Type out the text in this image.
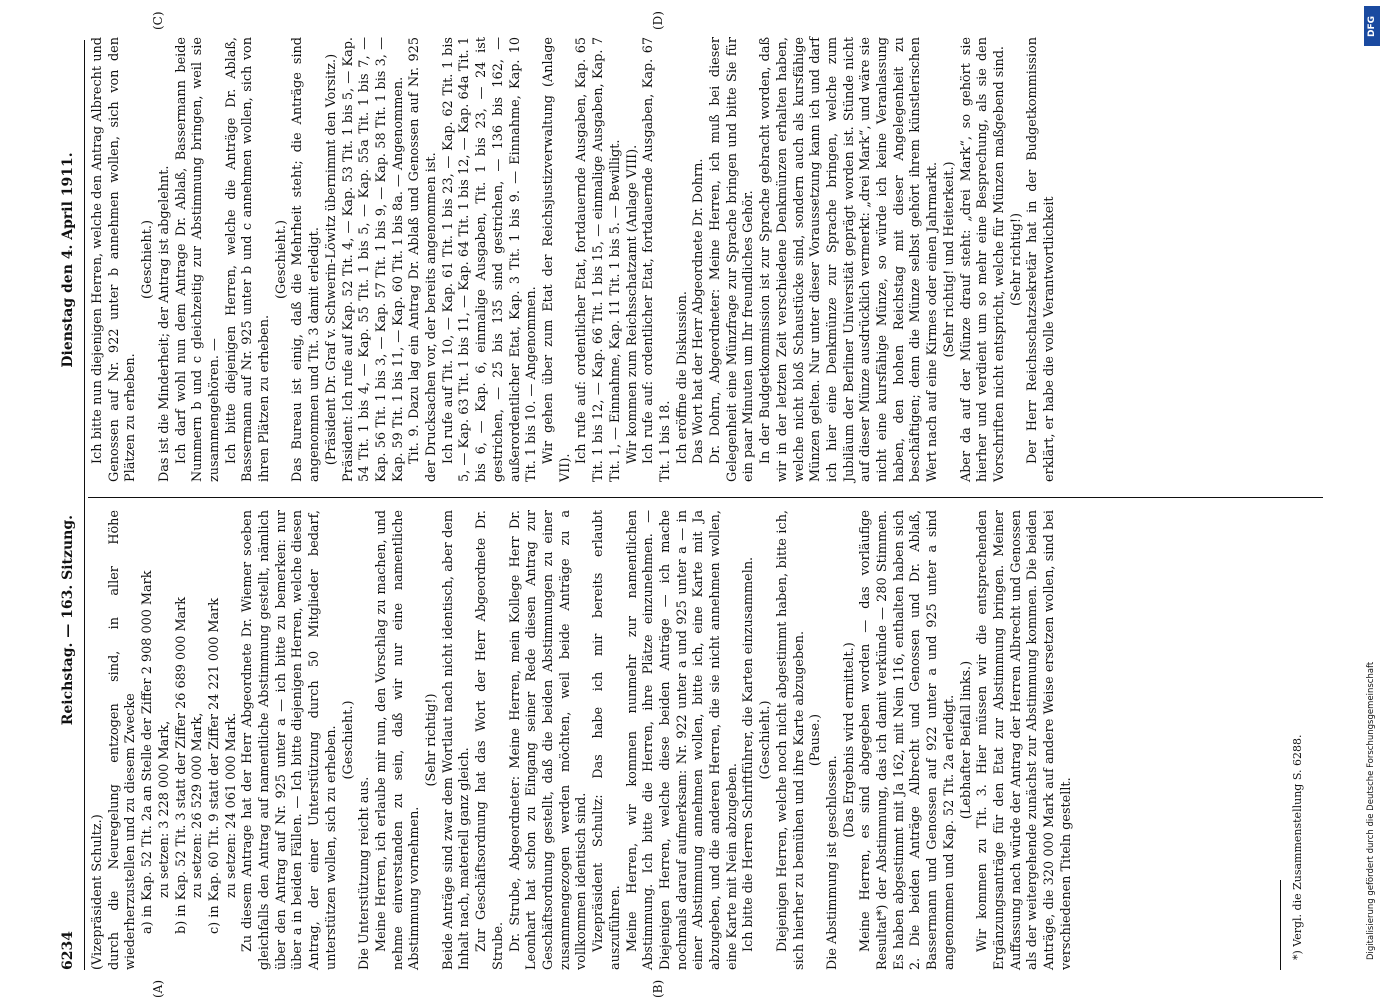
6234
Reichstag. — 163. Sitzung.
Dienstag den 4. April 1911.
(A)	(B)
(C)	(D)

(Vizepräsident Schultz.) durch die Neuregelung entzogen sind, in aller Höhe wiederherzustellen und zu diesem Zwecke a) in Kap. 52 Tit. 2a an Stelle der Ziffer 2 908 000 Mark zu setzen: 3 228 000 Mark, b) in Kap. 52 Tit. 3 statt der Ziffer 26 689 000 Mark zu setzen: 26 529 000 Mark, c) in Kap. 60 Tit. 9 statt der Ziffer 24 221 000 Mark zu setzen: 24 061 000 Mark. Zu diesem Antrage hat der Herr Abgeordnete Dr. Wiemer soeben gleichfalls den Antrag auf namentliche Abstimmung gestellt, nämlich über den Antrag auf Nr. 925 unter a — ich bitte zu bemerken: nur über a in beiden Fällen. — Ich bitte diejenigen Herren, welche diesen Antrag, der einer Unterstützung durch 50 Mitglieder bedarf, unterstützen wollen, sich zu erheben. (Geschieht.)

Die Unterstützung reicht aus. Meine Herren, ich erlaube mir nun, den Vorschlag zu machen, und nehme einverstanden zu sein, daß wir nur eine namentliche Abstimmung vornehmen.

(Sehr richtig!) Beide Anträge sind zwar dem Wortlaut nach nicht identisch, aber dem Inhalt nach, materiell ganz gleich. Zur Geschäftsordnung hat das Wort der Herr Abgeordnete Dr. Strube. Dr. Strube, Abgeordneter: Meine Herren, mein Kollege Herr Dr. Leonhart hat schon zu Eingang seiner Rede diesen Antrag zur Geschäftsordnung gestellt, daß die beiden Abstimmungen zu einer zusammengezogen werden möchten, weil beide Anträge zu a vollkommen identisch sind. Vizepräsident Schultz: Das habe ich mir bereits erlaubt auszuführen. Meine Herren, wir kommen nunmehr zur namentlichen Abstimmung. Ich bitte die Herren, ihre Plätze einzunehmen. — Diejenigen Herren, welche diese beiden Anträge — ich mache nochmals darauf aufmerksam: Nr. 922 unter a und 925 unter a — in einer Abstimmung annehmen wollen, bitte ich, eine Karte mit Ja abzugeben, und die anderen Herren, die sie nicht annehmen wollen, eine Karte mit Nein abzugeben. Ich bitte die Herren Schriftführer, die Karten einzusammeln. (Geschieht.) Diejenigen Herren, welche noch nicht abgestimmt haben, bitte ich, sich hierher zu bemühen und ihre Karte abzugeben. (Pause.)

Die Abstimmung ist geschlossen.

(Das Ergebnis wird ermittelt.) Meine Herren, es sind abgegeben worden — das vorläufige Resultat*) der Abstimmung, das ich damit verkünde — 280 Stimmen. Es haben abgestimmt mit Ja 162, mit Nein 116, enthalten haben sich 2. Die beiden Anträge Albrecht und Genossen und Dr. Ablaß, Bassermann und Genossen auf 922 unter a und 925 unter a sind angenommen und Kap. 52 Tit. 2a erledigt. (Lebhafter Beifall links.) Wir kommen zu Tit. 3. Hier müssen wir die entsprechenden Ergänzungsanträge für den Etat zur Abstimmung bringen. Meiner Auffassung nach würde der Antrag der Herren Albrecht und Genossen als der weitergehende zunächst zur Abstimmung kommen. Die beiden Anträge, die 320 000 Mark auf andere Weise ersetzen wollen, sind bei verschiedenen Titeln gestellt.	*) Vergl. die Zusammenstellung S. 6288.

Ich bitte nun diejenigen Herren, welche den Antrag Albrecht und Genossen auf Nr. 922 unter b annehmen wollen, sich von den Plätzen zu erheben.

(Geschieht.) Das ist die Minderheit; der Antrag ist abgelehnt. Ich darf wohl nun dem Antrage Dr. Ablaß, Bassermann beide Nummern b und c gleichzeitig zur Abstimmung bringen, weil sie zusammengehören. — Ich bitte diejenigen Herren, welche die Anträge Dr. Ablaß, Bassermann auf Nr. 925 unter b und c annehmen wollen, sich von ihren Plätzen zu erheben.

(Geschieht.) Das Bureau ist einig, daß die Mehrheit steht; die Anträge sind angenommen und Tit. 3 damit erledigt. (Präsident Dr. Graf v. Schwerin-Löwitz übernimmt den Vorsitz.) Präsident: Ich rufe auf Kap. 52 Tit. 4, — Kap. 53 Tit. 1 bis 5, — Kap. 54 Tit. 1 bis 4, — Kap. 55 Tit. 1 bis 5, — Kap. 55a Tit. 1 bis 7, — Kap. 56 Tit. 1 bis 3, — Kap. 57 Tit. 1 bis 9, — Kap. 58 Tit. 1 bis 3, — Kap. 59 Tit. 1 bis 11, — Kap. 60 Tit. 1 bis 8a. — Angenommen. Tit. 9. Dazu lag ein Antrag Dr. Ablaß und Genossen auf Nr. 925 der Drucksachen vor, der bereits angenommen ist. Ich rufe auf Tit. 10, — Kap. 61 Tit. 1 bis 23, — Kap. 62 Tit. 1 bis 5, — Kap. 63 Tit. 1 bis 11, — Kap. 64 Tit. 1 bis 12, — Kap. 64a Tit. 1 bis 6, — Kap. 6, einmalige Ausgaben, Tit. 1 bis 23, — 24 ist gestrichen, — 25 bis 135 sind gestrichen, — 136 bis 162, — außerordentlicher Etat, Kap. 3 Tit. 1 bis 9. — Einnahme, Kap. 10 Tit. 1 bis 10. — Angenommen. Wir gehen über zum Etat der Reichsjustizverwaltung (Anlage VII).

Ich rufe auf: ordentlicher Etat, fortdauernde Ausgaben, Kap. 65 Tit. 1 bis 12, — Kap. 66 Tit. 1 bis 15, — einmalige Ausgaben, Kap. 7 Tit. 1, — Einnahme, Kap. 11 Tit. 1 bis 5. — Bewilligt. Wir kommen zum Reichsschatzamt (Anlage VIII). Ich rufe auf: ordentlicher Etat, fortdauernde Ausgaben, Kap. 67 Tit. 1 bis 18. Ich eröffne die Diskussion. Das Wort hat der Herr Abgeordnete Dr. Dohrn. Dr. Dohrn, Abgeordneter: Meine Herren, ich muß bei dieser Gelegenheit eine Münzfrage zur Sprache bringen und bitte Sie für ein paar Minuten um Ihr freundliches Gehör. In der Budgetkommission ist zur Sprache gebracht worden, daß wir in der letzten Zeit verschiedene Denkmünzen erhalten haben, welche nicht bloß Schaustücke sind, sondern auch als kursfähige Münzen gelten. Nur unter dieser Voraussetzung kann ich und darf ich hier eine Denkmünze zur Sprache bringen, welche zum Jubiläum der Berliner Universität geprägt worden ist. Stünde nicht auf dieser Münze ausdrücklich vermerkt: „drei Mark“, und wäre sie nicht eine kursfähige Münze, so würde ich keine Veranlassung haben, den hohen Reichstag mit dieser Angelegenheit zu beschäftigen; denn die Münze selbst gehört ihrem künstlerischen Wert nach auf eine Kirmes oder einen Jahrmarkt. (Sehr richtig! und Heiterkeit.) Aber da auf der Münze drauf steht: „drei Mark“, so gehört sie hierher und verdient um so mehr eine Besprechung, als sie den Vorschriften nicht entspricht, welche für Münzen maßgebend sind. (Sehr richtig!) Der Herr Reichsschatzsekretär hat in der Budgetkommission erklärt, er habe die volle Verantwortlichkeit

DFG
Digitalisierung gefördert durch die Deutsche Forschungsgemeinschaft
